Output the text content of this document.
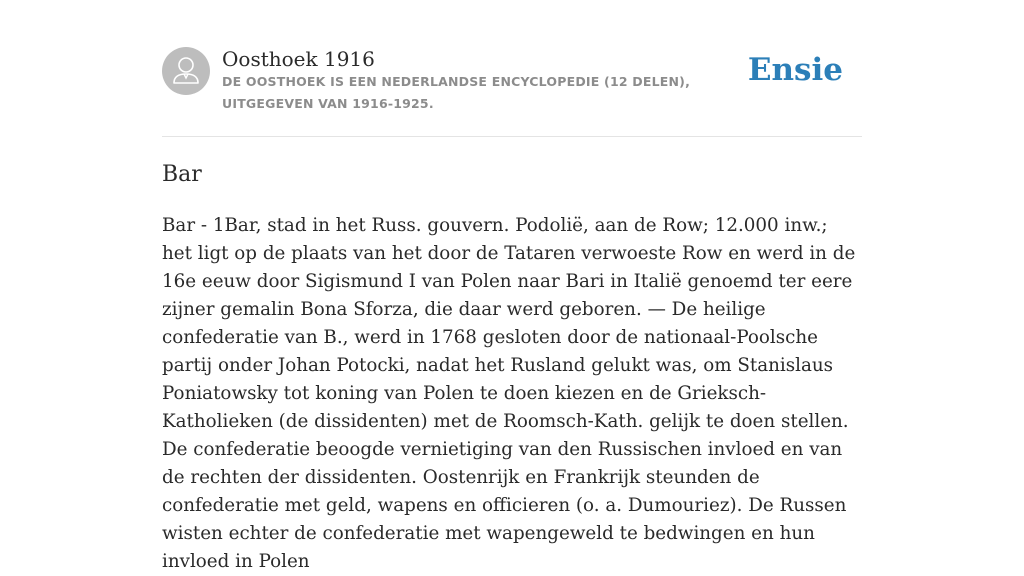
Oosthoek 1916
DE OOSTHOEK IS EEN NEDERLANDSE ENCYCLOPEDIE (12 DELEN), UITGEGEVEN VAN 1916-1925.
Ensie
Bar

Bar - 1Bar, stad in het Russ. gouvern. Podolië, aan de Row; 12.000 inw.; het ligt op de plaats van het door de Tataren verwoeste Row en werd in de 16e eeuw door Sigismund I van Polen naar Bari in Italië genoemd ter eere zijner gemalin Bona Sforza, die daar werd geboren. — De heilige confederatie van B., werd in 1768 gesloten door de nationaal-Poolsche partij onder Johan Potocki, nadat het Rusland gelukt was, om Stanislaus Poniatowsky tot koning van Polen te doen kiezen en de Grieksch-Katholieken (de dissidenten) met de Roomsch-Kath. gelijk te doen stellen. De confederatie beoogde vernietiging van den Russischen invloed en van de rechten der dissidenten. Oostenrijk en Frankrijk steunden de confederatie met geld, wapens en officieren (o. a. Dumouriez). De Russen wisten echter de confederatie met wapengeweld te bedwingen en hun invloed in Polen
